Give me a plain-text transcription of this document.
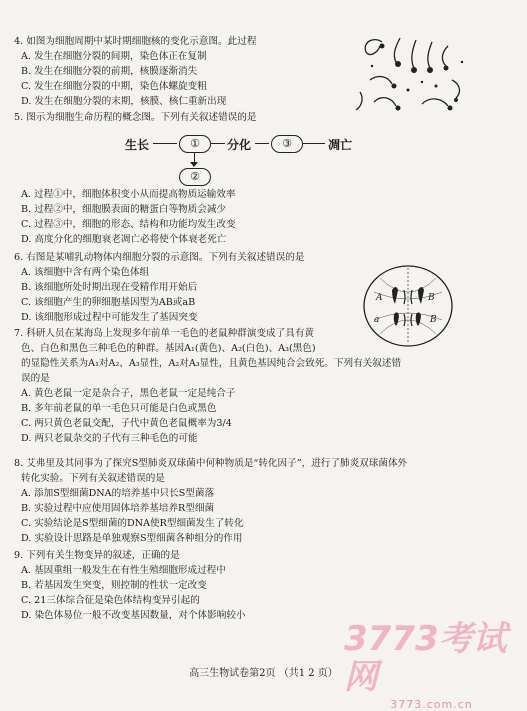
4. 如图为细胞周期中某时期细胞核的变化示意图。此过程
A. 发生在细胞分裂的间期，染色体正在复制
B. 发生在细胞分裂的前期，核膜逐渐消失
C. 发生在细胞分裂的中期，染色体螺旋变粗
D. 发生在细胞分裂的末期，核膜、核仁重新出现
5. 图示为细胞生命历程的概念图。下列有关叙述错误的是
生长	①	分化	③	凋亡
②
A. 过程①中，细胞体积变小从而提高物质运输效率
B. 过程②中，细胞膜表面的糖蛋白等物质会减少
C. 过程③中，细胞的形态、结构和功能均发生改变
D. 高度分化的细胞衰老凋亡必将使个体衰老死亡
6. 右图是某哺乳动物体内细胞分裂的示意图。下列有关叙述错误的是
A. 该细胞中含有两个染色体组
B. 该细胞所处时期出现在受精作用开始后
C. 该细胞产生的卵细胞基因型为AB或aB
D. 该细胞形成过程中可能发生了基因突变
A	B
a	B
7. 科研人员在某海岛上发现多年前单一毛色的老鼠种群演变成了具有黄
色、白色和黑色三种毛色的种群。基因A₁(黄色)、A₂(白色)、A₃(黑色)
的显隐性关系为A₁对A₂、A₃显性，A₂对A₃显性，且黄色基因纯合会致死。下列有关叙述错
误的是
A. 黄色老鼠一定是杂合子，黑色老鼠一定是纯合子
B. 多年前老鼠的单一毛色只可能是白色或黑色
C. 两只黄色老鼠交配，子代中黄色老鼠概率为3/4
D. 两只老鼠杂交的子代有三种毛色的可能
8. 艾弗里及其同事为了探究S型肺炎双球菌中何种物质是“转化因子”，进行了肺炎双球菌体外
转化实验。下列有关叙述错误的是
A. 添加S型细菌DNA的培养基中只长S型菌落
B. 实验过程中应使用固体培养基培养R型细菌
C. 实验结论是S型细菌的DNA使R型细菌发生了转化
D. 实验设计思路是单独观察S型细菌各种组分的作用
9. 下列有关生物变异的叙述，正确的是
A. 基因重组一般发生在有性生殖细胞形成过程中
B. 若基因发生突变，则控制的性状一定改变
C. 21三体综合征是染色体结构变异引起的
D. 染色体易位一般不改变基因数量，对个体影响较小
3773考试网
3773.com.cn
高三生物试卷第2页 （共1 2 页）
